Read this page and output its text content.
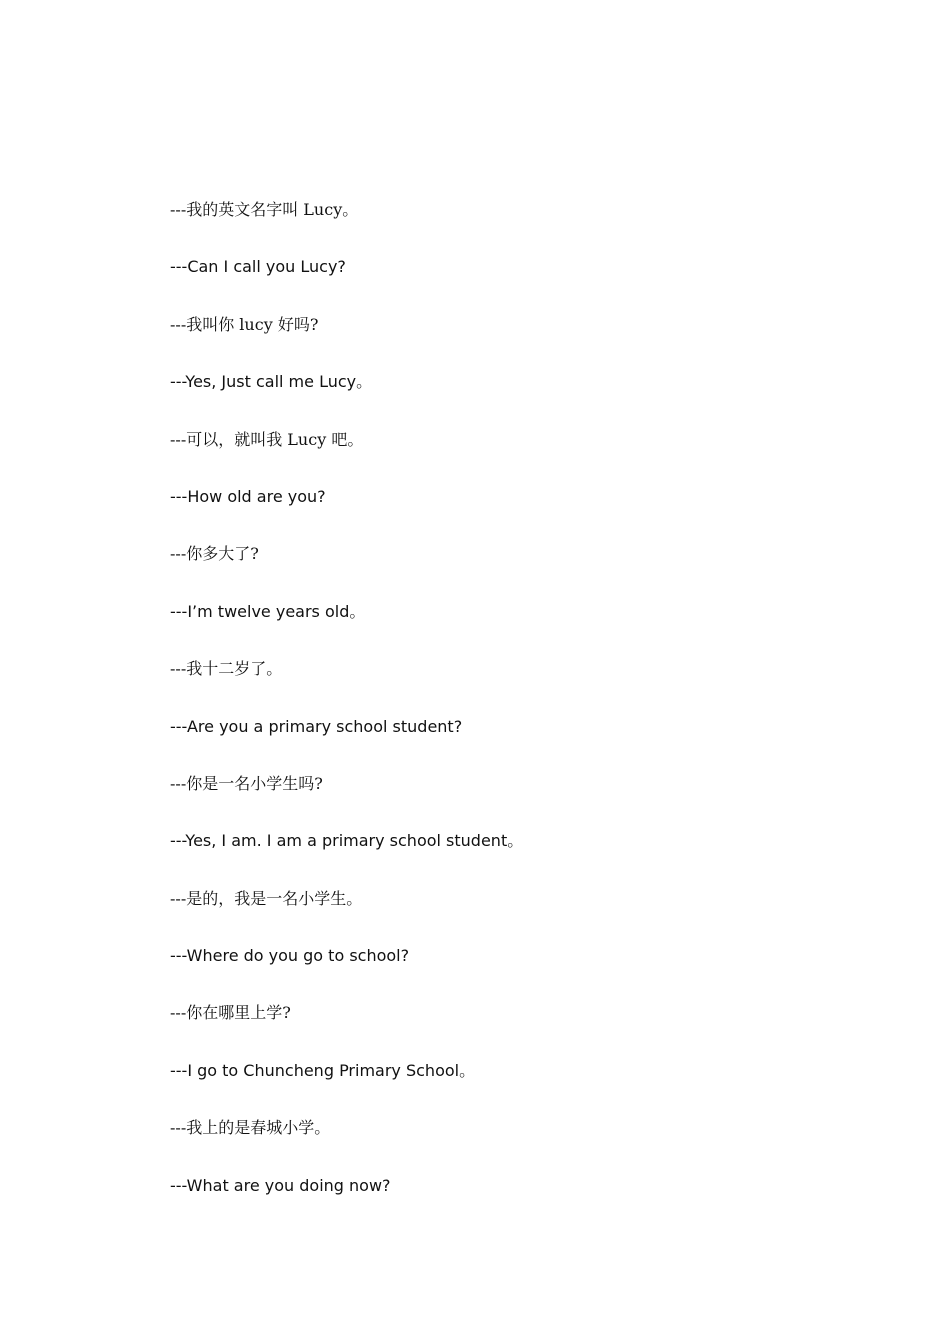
---我的英文名字叫 Lucy。
---Can I call you Lucy?
---我叫你 lucy 好吗?
---Yes, Just call me Lucy。
---可以，就叫我 Lucy 吧。
---How old are you?
---你多大了?
---I’m twelve years old。
---我十二岁了。
---Are you a primary school student?
---你是一名小学生吗?
---Yes, I am. I am a primary school student。
---是的，我是一名小学生。
---Where do you go to school?
---你在哪里上学?
---I go to Chuncheng Primary School。
---我上的是春城小学。
---What are you doing now?
